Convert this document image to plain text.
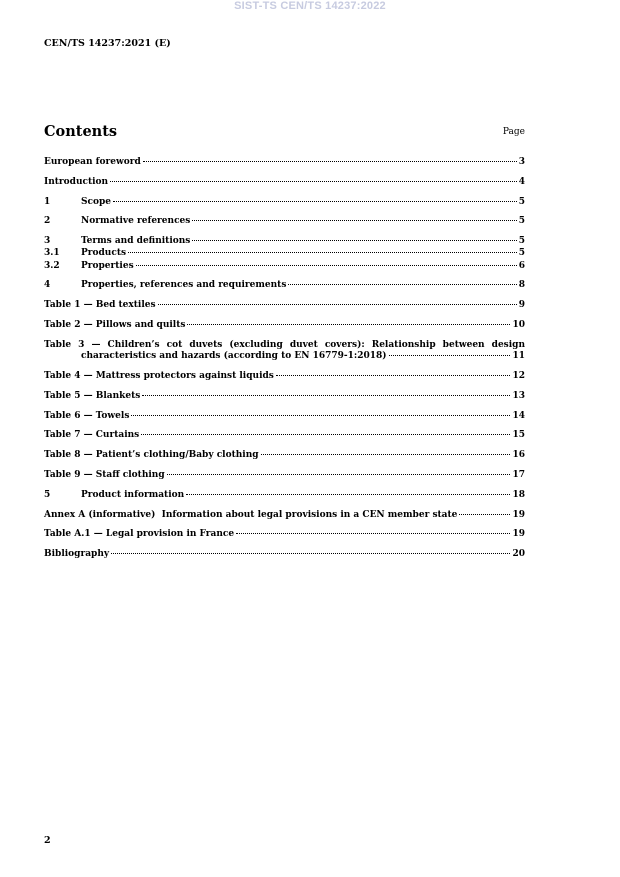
SIST-TS CEN/TS 14237:2022
CEN/TS 14237:2021 (E)
Contents	Page
European foreword	3
Introduction	4
1	Scope	5
2	Normative references	5
3	Terms and definitions	5
3.1	Products	5
3.2	Properties	6
4	Properties, references and requirements	8
Table 1 — Bed textiles	9
Table 2 — Pillows and quilts	10
Table 3 — Children’s cot duvets (excluding duvet covers): Relationship between design
characteristics and hazards (according to EN 16779-1:2018)	11
Table 4 — Mattress protectors against liquids	12
Table 5 — Blankets	13
Table 6 — Towels	14
Table 7 — Curtains	15
Table 8 — Patient’s clothing/Baby clothing	16
Table 9 — Staff clothing	17
5	Product information	18
Annex A (informative)  Information about legal provisions in a CEN member state	19
Table A.1 — Legal provision in France	19
Bibliography	20
2
